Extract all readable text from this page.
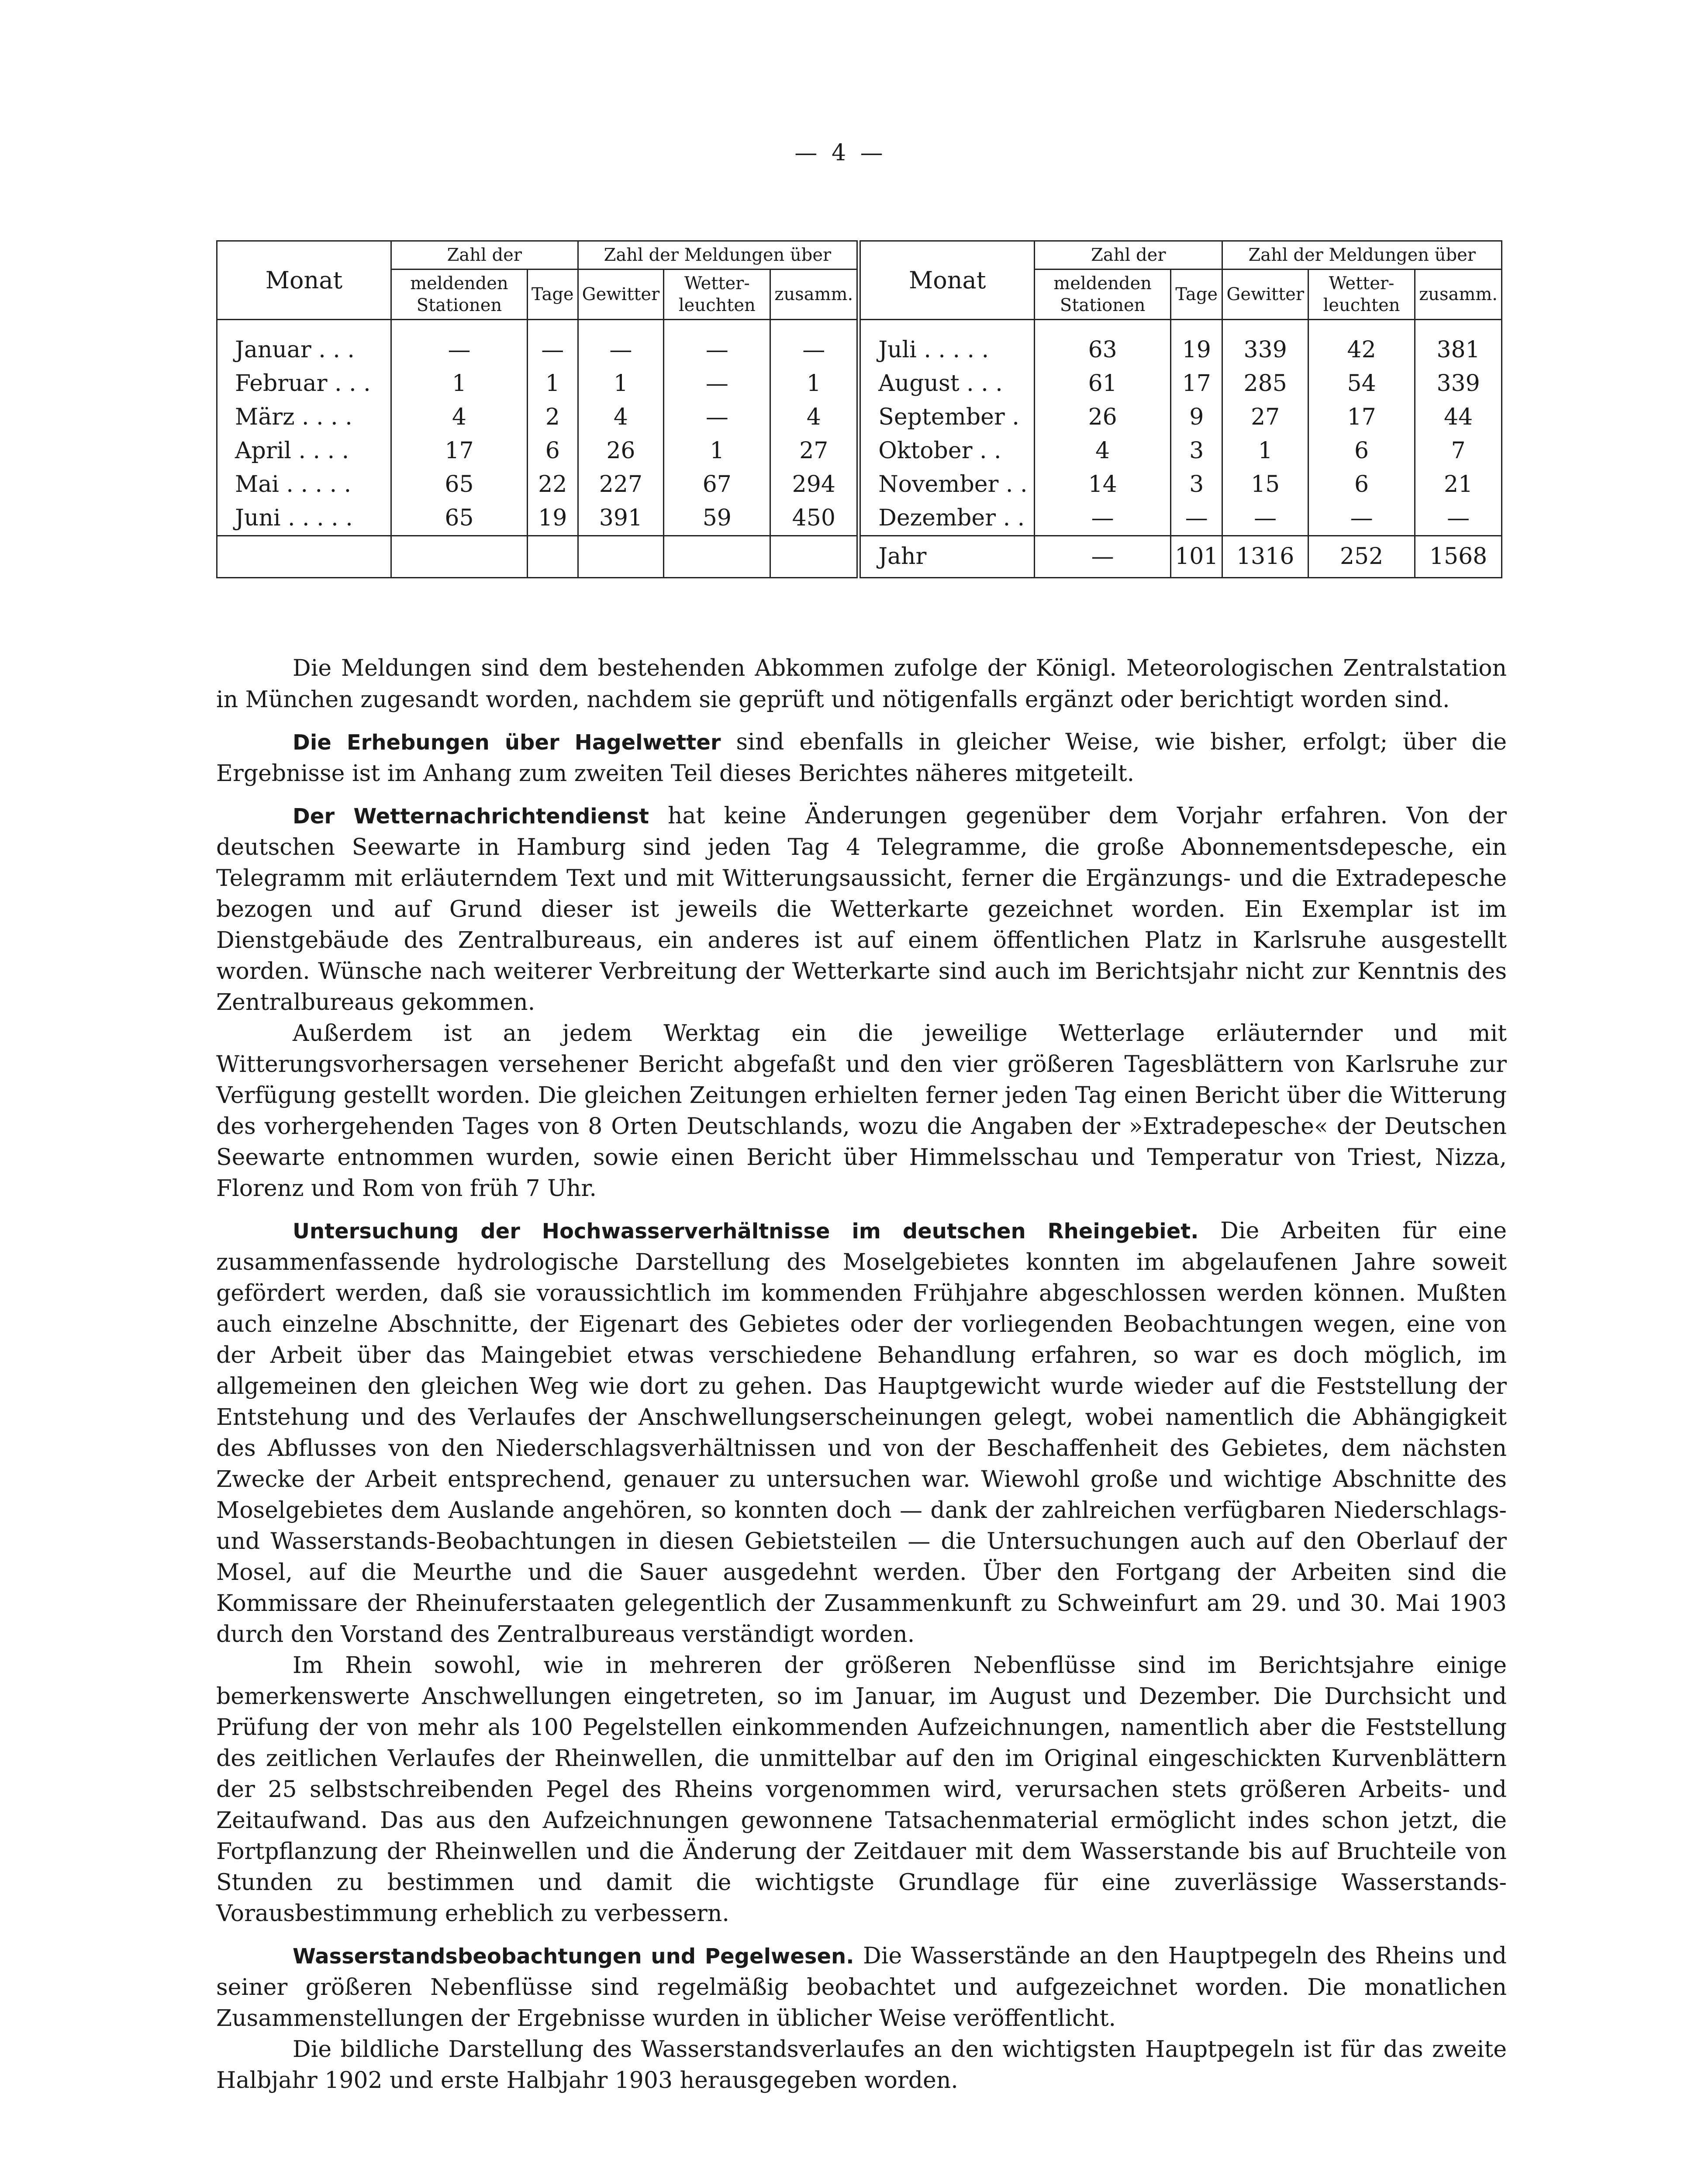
— 4 —
Monat	Zahl der		Zahl der Meldungen über			Monat	Zahl der		Zahl der Meldungen über		
	meldenden Stationen	Tage	Gewitter	Wetter-leuchten	zusamm.		meldenden Stationen	Tage	Gewitter	Wetter-leuchten	zusamm.
Januar . . .	—	—	—	—	—	Juli . . . . .	63	19	339	42	381
Februar . . .	1	1	1	—	1	August . . .	61	17	285	54	339
März . . . .	4	2	4	—	4	September .	26	9	27	17	44
April . . . .	17	6	26	1	27	Oktober . .	4	3	1	6	7
Mai . . . . .	65	22	227	67	294	November . .	14	3	15	6	21
Juni . . . . .	65	19	391	59	450	Dezember . .	—	—	—	—	—
						Jahr	—	101	1316	252	1568

Die Meldungen sind dem bestehenden Abkommen zufolge der Königl. Meteorologischen Zentralstation in München zugesandt worden, nachdem sie geprüft und nötigenfalls ergänzt oder berichtigt worden sind.

Die Erhebungen über Hagelwetter sind ebenfalls in gleicher Weise, wie bisher, erfolgt; über die Ergebnisse ist im Anhang zum zweiten Teil dieses Berichtes näheres mitgeteilt.

Der Wetternachrichtendienst hat keine Änderungen gegenüber dem Vorjahr erfahren. Von der deutschen Seewarte in Hamburg sind jeden Tag 4 Telegramme, die große Abonnementsdepesche, ein Telegramm mit erläuterndem Text und mit Witterungsaussicht, ferner die Ergänzungs- und die Extradepesche bezogen und auf Grund dieser ist jeweils die Wetterkarte gezeichnet worden. Ein Exemplar ist im Dienstgebäude des Zentralbureaus, ein anderes ist auf einem öffentlichen Platz in Karlsruhe ausgestellt worden. Wünsche nach weiterer Verbreitung der Wetterkarte sind auch im Berichtsjahr nicht zur Kenntnis des Zentralbureaus gekommen.

Außerdem ist an jedem Werktag ein die jeweilige Wetterlage erläuternder und mit Witterungsvorhersagen versehener Bericht abgefaßt und den vier größeren Tagesblättern von Karlsruhe zur Verfügung gestellt worden. Die gleichen Zeitungen erhielten ferner jeden Tag einen Bericht über die Witterung des vorhergehenden Tages von 8 Orten Deutschlands, wozu die Angaben der »Extradepesche« der Deutschen Seewarte entnommen wurden, sowie einen Bericht über Himmelsschau und Temperatur von Triest, Nizza, Florenz und Rom von früh 7 Uhr.

Untersuchung der Hochwasserverhältnisse im deutschen Rheingebiet. Die Arbeiten für eine zusammenfassende hydrologische Darstellung des Moselgebietes konnten im abgelaufenen Jahre soweit gefördert werden, daß sie voraussichtlich im kommenden Frühjahre abgeschlossen werden können. Mußten auch einzelne Abschnitte, der Eigenart des Gebietes oder der vorliegenden Beobachtungen wegen, eine von der Arbeit über das Maingebiet etwas verschiedene Behandlung erfahren, so war es doch möglich, im allgemeinen den gleichen Weg wie dort zu gehen. Das Hauptgewicht wurde wieder auf die Feststellung der Entstehung und des Verlaufes der Anschwellungserscheinungen gelegt, wobei namentlich die Abhängigkeit des Abflusses von den Niederschlagsverhältnissen und von der Beschaffenheit des Gebietes, dem nächsten Zwecke der Arbeit entsprechend, genauer zu untersuchen war. Wiewohl große und wichtige Abschnitte des Moselgebietes dem Auslande angehören, so konnten doch — dank der zahlreichen verfügbaren Niederschlags- und Wasserstands-Beobachtungen in diesen Gebietsteilen — die Untersuchungen auch auf den Oberlauf der Mosel, auf die Meurthe und die Sauer ausgedehnt werden. Über den Fortgang der Arbeiten sind die Kommissare der Rheinuferstaaten gelegentlich der Zusammenkunft zu Schweinfurt am 29. und 30. Mai 1903 durch den Vorstand des Zentralbureaus verständigt worden.

Im Rhein sowohl, wie in mehreren der größeren Nebenflüsse sind im Berichtsjahre einige bemerkenswerte Anschwellungen eingetreten, so im Januar, im August und Dezember. Die Durchsicht und Prüfung der von mehr als 100 Pegelstellen einkommenden Aufzeichnungen, namentlich aber die Feststellung des zeitlichen Verlaufes der Rheinwellen, die unmittelbar auf den im Original eingeschickten Kurvenblättern der 25 selbstschreibenden Pegel des Rheins vorgenommen wird, verursachen stets größeren Arbeits- und Zeitaufwand. Das aus den Aufzeichnungen gewonnene Tatsachenmaterial ermöglicht indes schon jetzt, die Fortpflanzung der Rheinwellen und die Änderung der Zeitdauer mit dem Wasserstande bis auf Bruchteile von Stunden zu bestimmen und damit die wichtigste Grundlage für eine zuverlässige Wasserstands-Vorausbestimmung erheblich zu verbessern.

Wasserstandsbeobachtungen und Pegelwesen. Die Wasserstände an den Hauptpegeln des Rheins und seiner größeren Nebenflüsse sind regelmäßig beobachtet und aufgezeichnet worden. Die monatlichen Zusammenstellungen der Ergebnisse wurden in üblicher Weise veröffentlicht.

Die bildliche Darstellung des Wasserstandsverlaufes an den wichtigsten Hauptpegeln ist für das zweite Halbjahr 1902 und erste Halbjahr 1903 herausgegeben worden.
